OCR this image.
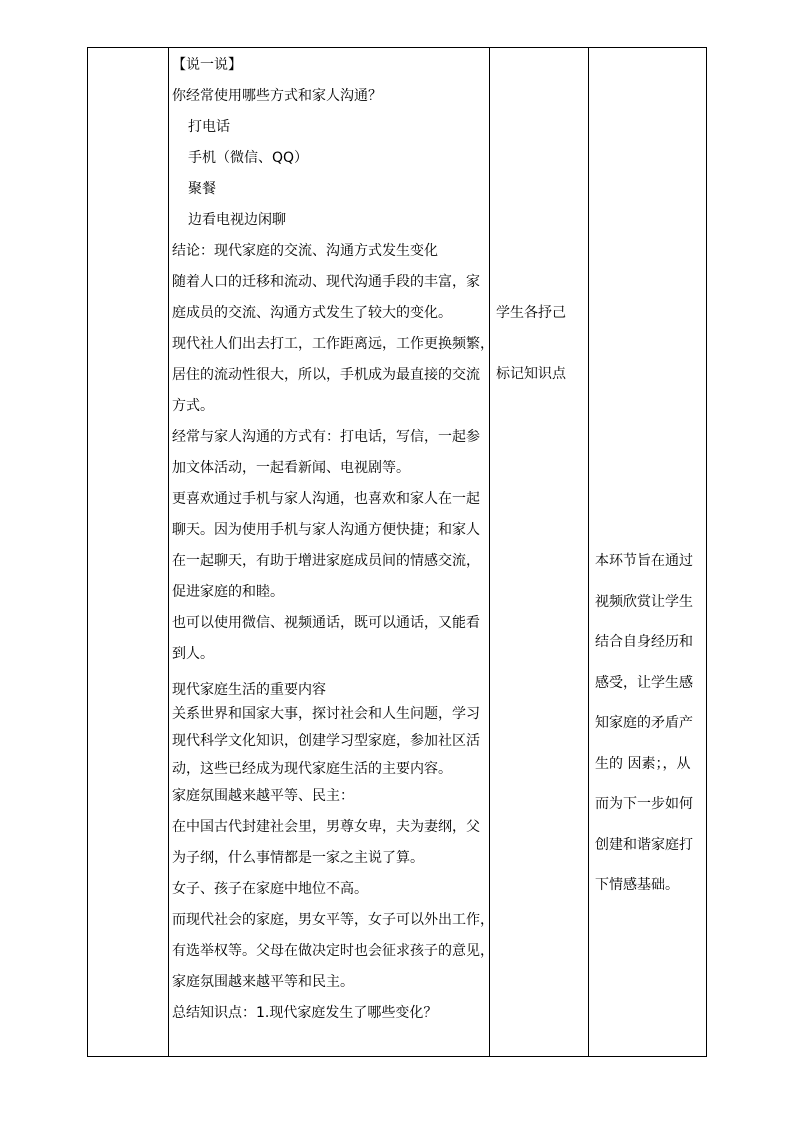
【说一说】

你经常使用哪些方式和家人沟通？

打电话

手机（微信、QQ）

聚餐

边看电视边闲聊

结论：现代家庭的交流、沟通方式发生变化

随着人口的迁移和流动、现代沟通手段的丰富，家

庭成员的交流、沟通方式发生了较大的变化。

现代社人们出去打工，工作距离远，工作更换频繁，

居住的流动性很大，所以，手机成为最直接的交流

方式。

经常与家人沟通的方式有：打电话，写信，一起参

加文体活动，一起看新闻、电视剧等。

更喜欢通过手机与家人沟通，也喜欢和家人在一起

聊天。因为使用手机与家人沟通方便快捷；和家人

在一起聊天，有助于增进家庭成员间的情感交流，

促进家庭的和睦。

也可以使用微信、视频通话，既可以通话，又能看

到人。

现代家庭生活的重要内容

关系世界和国家大事，探讨社会和人生问题，学习

现代科学文化知识，创建学习型家庭，参加社区活

动，这些已经成为现代家庭生活的主要内容。

家庭氛围越来越平等、民主：

在中国古代封建社会里，男尊女卑，夫为妻纲，父

为子纲，什么事情都是一家之主说了算。

女子、孩子在家庭中地位不高。

而现代社会的家庭，男女平等，女子可以外出工作，

有选举权等。父母在做决定时也会征求孩子的意见，

家庭氛围越来越平等和民主。

总结知识点：1.现代家庭发生了哪些变化？

学生各抒己

标记知识点

本环节旨在通过

视频欣赏让学生

结合自身经历和

感受，让学生感

知家庭的矛盾产

生的 因素；，从

而为下一步如何

创建和谐家庭打

下情感基础。
